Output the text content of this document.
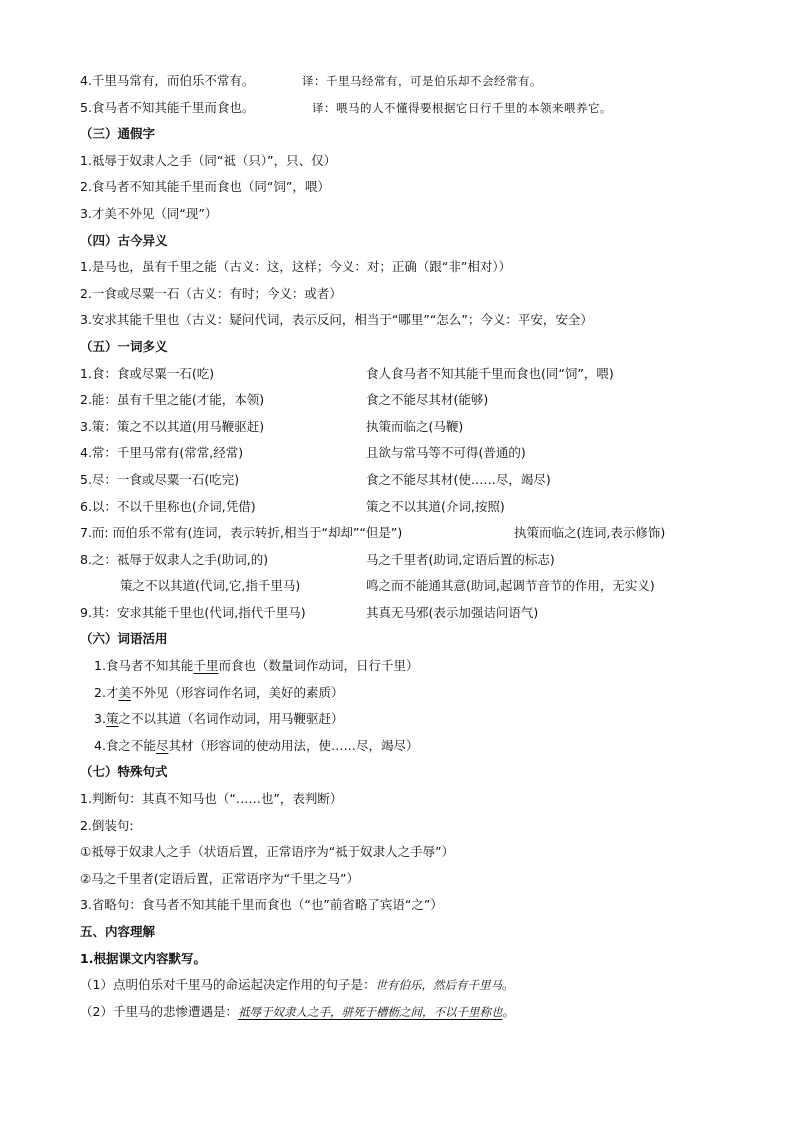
4.千里马常有，而伯乐不常有。	译：千里马经常有，可是伯乐却不会经常有。
5.食马者不知其能千里而食也。	译：喂马的人不懂得要根据它日行千里的本领来喂养它。
（三）通假字
1.祗辱于奴隶人之手（同“祗（只）”，只、仅）
2.食马者不知其能千里而食也（同“饲”，喂）
3.才美不外见（同“现”）
（四）古今异义
1.是马也，虽有千里之能（古义：这，这样；今义：对；正确（跟“非”相对））
2.一食或尽粟一石（古义：有时；今义：或者）
3.安求其能千里也（古义：疑问代词，表示反问，相当于“哪里”“怎么”；今义：平安，安全）
（五）一词多义
1.食：食或尽粟一石(吃)	食人食马者不知其能千里而食也(同“饲”，喂)
2.能：虽有千里之能(才能，本领)	食之不能尽其材(能够)
3.策：策之不以其道(用马鞭驱赶)	执策而临之(马鞭)
4.常：千里马常有(常常,经常)	且欲与常马等不可得(普通的)
5.尽：一食或尽粟一石(吃完)	食之不能尽其材(使……尽，竭尽)
6.以：不以千里称也(介词,凭借)	策之不以其道(介词,按照)
7.而: 而伯乐不常有(连词，表示转折,相当于“却却”“但是”)	执策而临之(连词,表示修饰)
8.之：祗辱于奴隶人之手(助词,的)	马之千里者(助词,定语后置的标志)
策之不以其道(代词,它,指千里马)	鸣之而不能通其意(助词,起调节音节的作用，无实义)
9.其：安求其能千里也(代词,指代千里马)	其真无马邪(表示加强诘问语气)
（六）词语活用
1.食马者不知其能千里而食也（数量词作动词，日行千里）
2.才美不外见（形容词作名词，美好的素质）
3.策之不以其道（名词作动词，用马鞭驱赶）
4.食之不能尽其材（形容词的使动用法，使……尽，竭尽）
（七）特殊句式
1.判断句：其真不知马也（“……也”，表判断）
2.倒装句:
①祗辱于奴隶人之手（状语后置，正常语序为“祗于奴隶人之手辱”）
②马之千里者(定语后置，正常语序为“千里之马”）
3.省略句：食马者不知其能千里而食也（“也”前省略了宾语“之”）
五、内容理解
1.根据课文内容默写。
（1）点明伯乐对千里马的命运起决定作用的句子是：世有伯乐，然后有千里马。
（2）千里马的悲惨遭遇是：祗辱于奴隶人之手，骈死于槽枥之间，不以千里称也。
